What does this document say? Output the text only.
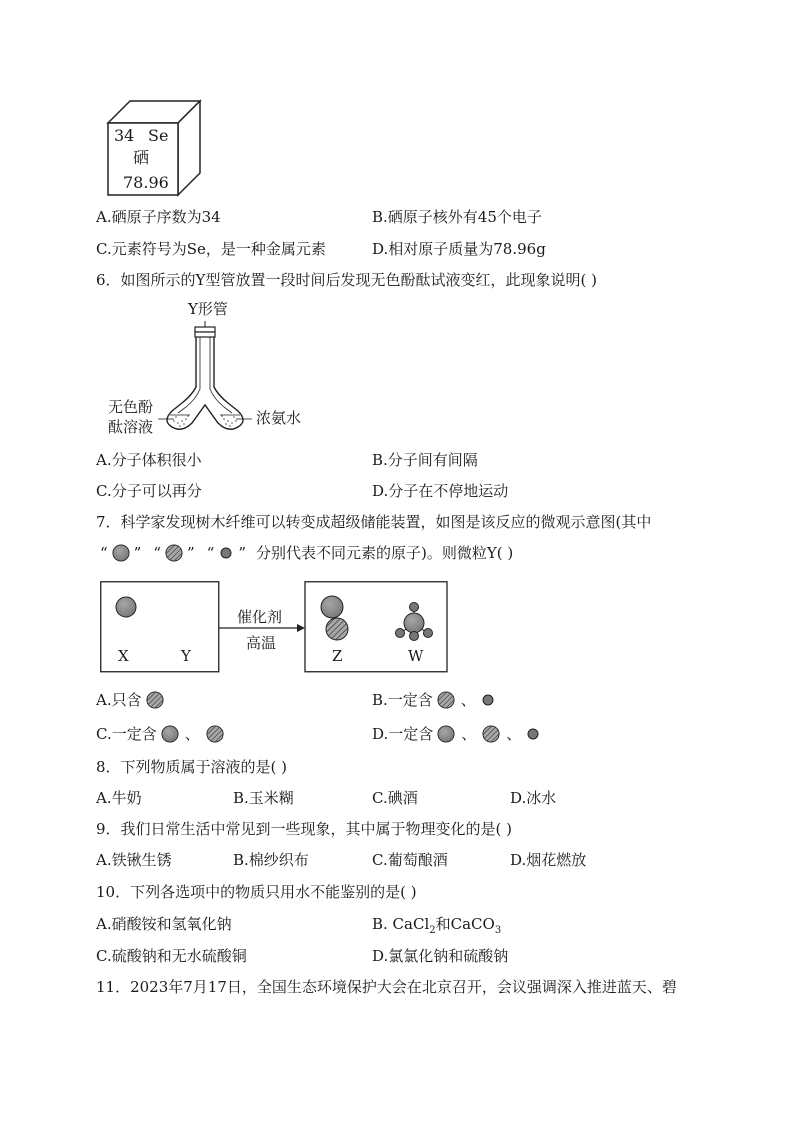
34 Se
硒
78.96
A.硒原子序数为34	B.硒原子核外有45个电子
C.元素符号为Se，是一种金属元素	D.相对原子质量为78.96g
6．如图所示的Y型管放置一段时间后发现无色酚酞试液变红，此现象说明( )
Y形管
无色酚
酞溶液	浓氨水
A.分子体积很小	B.分子间有间隔
C.分子可以再分	D.分子在不停地运动
7．科学家发现树木纤维可以转变成超级储能装置，如图是该反应的微观示意图(其中
“ ” “ ” “ ” 分别代表不同元素的原子)。则微粒Y( )
催化剂
高温
X	Y	Z	W
A.只含	B.一定含 、
C.一定含 、	D.一定含 、 、
8．下列物质属于溶液的是( )
A.牛奶	B.玉米糊	C.碘酒	D.冰水
9．我们日常生活中常见到一些现象，其中属于物理变化的是( )
A.铁锹生锈	B.棉纱织布	C.葡萄酿酒	D.烟花燃放
10．下列各选项中的物质只用水不能鉴别的是( )
A.硝酸铵和氢氧化钠	B. CaCl$_2$和CaCO$_3$
C.硫酸钠和无水硫酸铜	D.氯氯化钠和硫酸钠
11．2023年7月17日，全国生态环境保护大会在北京召开，会议强调深入推进蓝天、碧
